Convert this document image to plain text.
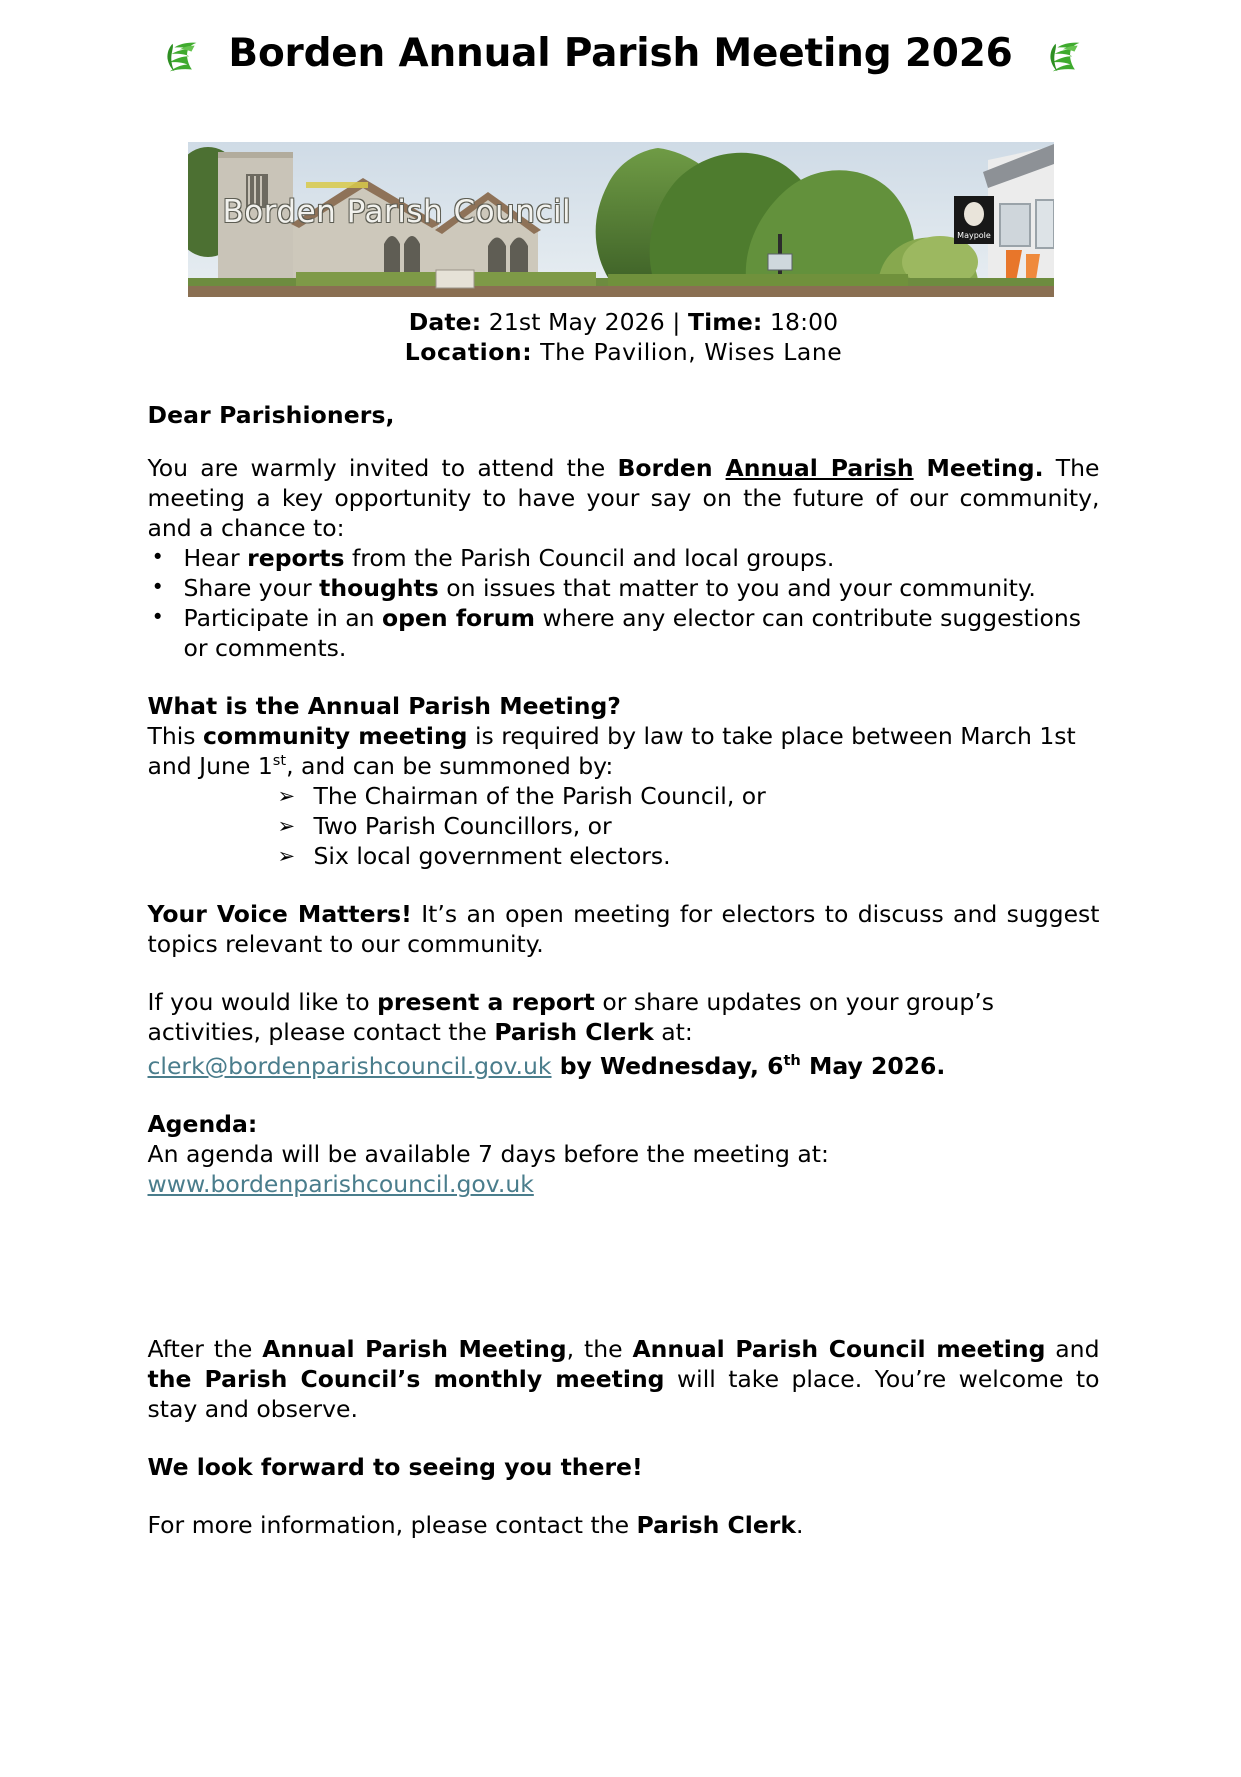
Borden Annual Parish Meeting 2026
Maypole
Borden Parish Council
Date: 21st May 2026 | Time: 18:00
Location: The Pavilion, Wises Lane
Dear Parishioners,
You are warmly invited to attend the Borden Annual Parish Meeting. The meeting a key opportunity to have your say on the future of our community, and a chance to:
• Hear reports from the Parish Council and local groups.
• Share your thoughts on issues that matter to you and your community.
• Participate in an open forum where any elector can contribute suggestions or comments.
What is the Annual Parish Meeting?
This community meeting is required by law to take place between March 1st and June 1st, and can be summoned by:
➢ The Chairman of the Parish Council, or
➢ Two Parish Councillors, or
➢ Six local government electors.
Your Voice Matters! It’s an open meeting for electors to discuss and suggest topics relevant to our community.
If you would like to present a report or share updates on your group’s activities, please contact the Parish Clerk at:
clerk@bordenparishcouncil.gov.uk by Wednesday, 6th May 2026.
Agenda:
An agenda will be available 7 days before the meeting at:
www.bordenparishcouncil.gov.uk
After the Annual Parish Meeting, the Annual Parish Council meeting and the Parish Council’s monthly meeting will take place. You’re welcome to stay and observe.
We look forward to seeing you there!
For more information, please contact the Parish Clerk.
